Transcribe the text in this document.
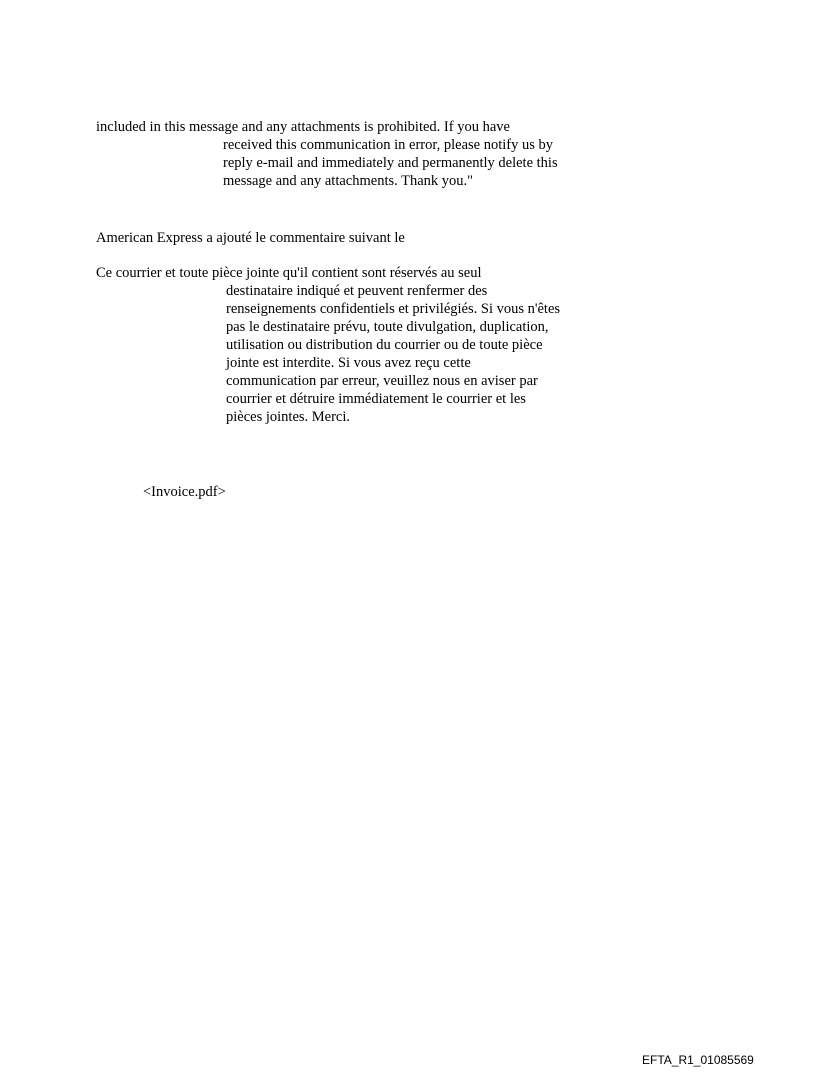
included in this message and any attachments is prohibited. If you have
received this communication in error, please notify us by
reply e-mail and immediately and permanently delete this
message and any attachments. Thank you."
American Express a ajouté le commentaire suivant le
Ce courrier et toute pièce jointe qu'il contient sont réservés au seul
destinataire indiqué et peuvent renfermer des
renseignements confidentiels et privilégiés. Si vous n'êtes
pas le destinataire prévu, toute divulgation, duplication,
utilisation ou distribution du courrier ou de toute pièce
jointe est interdite. Si vous avez reçu cette
communication par erreur, veuillez nous en aviser par
courrier et détruire immédiatement le courrier et les
pièces jointes. Merci.
<Invoice.pdf>
EFTA_R1_01085569
